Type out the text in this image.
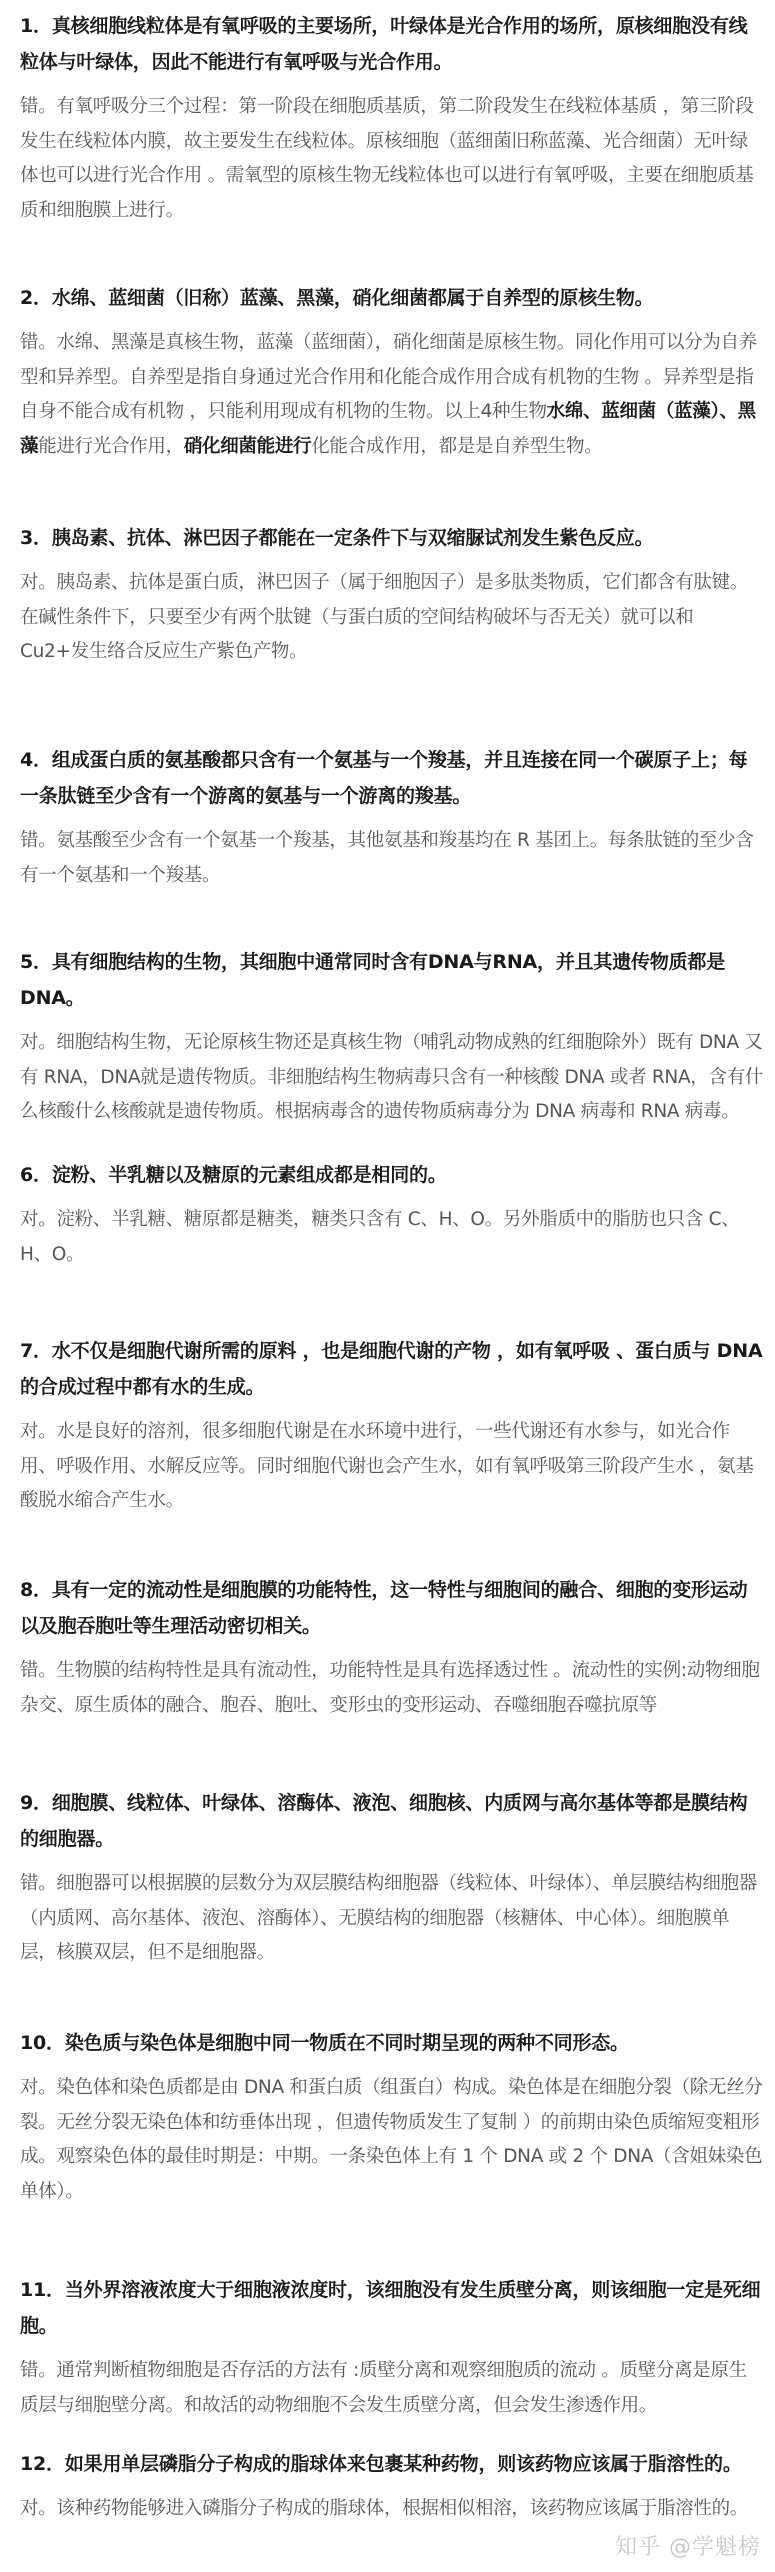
1．真核细胞线粒体是有氧呼吸的主要场所，叶绿体是光合作用的场所，原核细胞没有线粒体与叶绿体，因此不能进行有氧呼吸与光合作用。

错。有氧呼吸分三个过程：第一阶段在细胞质基质，第二阶段发生在线粒体基质 ，第三阶段发生在线粒体内膜，故主要发生在线粒体。原核细胞（蓝细菌旧称蓝藻、光合细菌）无叶绿体也可以进行光合作用 。需氧型的原核生物无线粒体也可以进行有氧呼吸，主要在细胞质基质和细胞膜上进行。

2．水绵、蓝细菌（旧称）蓝藻、黑藻，硝化细菌都属于自养型的原核生物。

错。水绵、黑藻是真核生物，蓝藻（蓝细菌），硝化细菌是原核生物。同化作用可以分为自养型和异养型。自养型是指自身通过光合作用和化能合成作用合成有机物的生物 。异养型是指自身不能合成有机物 ，只能利用现成有机物的生物。以上4种生物水绵、蓝细菌（蓝藻）、黑藻能进行光合作用，硝化细菌能进行化能合成作用，都是是自养型生物。

3．胰岛素、抗体、淋巴因子都能在一定条件下与双缩脲试剂发生紫色反应。

对。胰岛素、抗体是蛋白质，淋巴因子（属于细胞因子）是多肽类物质，它们都含有肽键。在碱性条件下，只要至少有两个肽键（与蛋白质的空间结构破坏与否无关）就可以和 Cu2+发生络合反应生产紫色产物。

4．组成蛋白质的氨基酸都只含有一个氨基与一个羧基，并且连接在同一个碳原子上；每一条肽链至少含有一个游离的氨基与一个游离的羧基。

错。氨基酸至少含有一个氨基一个羧基，其他氨基和羧基均在 R 基团上。每条肽链的至少含有一个氨基和一个羧基。

5．具有细胞结构的生物，其细胞中通常同时含有DNA与RNA，并且其遗传物质都是DNA。

对。细胞结构生物，无论原核生物还是真核生物（哺乳动物成熟的红细胞除外）既有 DNA 又有 RNA，DNA就是遗传物质。非细胞结构生物病毒只含有一种核酸 DNA 或者 RNA，含有什么核酸什么核酸就是遗传物质。根据病毒含的遗传物质病毒分为 DNA 病毒和 RNA 病毒。

6．淀粉、半乳糖以及糖原的元素组成都是相同的。

对。淀粉、半乳糖、糖原都是糖类，糖类只含有 C、H、O。另外脂质中的脂肪也只含 C、H、O。

7．水不仅是细胞代谢所需的原料 ，也是细胞代谢的产物 ，如有氧呼吸 、蛋白质与 DNA 的合成过程中都有水的生成。

对。水是良好的溶剂，很多细胞代谢是在水环境中进行，一些代谢还有水参与，如光合作用、呼吸作用、水解反应等。同时细胞代谢也会产生水，如有氧呼吸第三阶段产生水 ，氨基酸脱水缩合产生水。

8．具有一定的流动性是细胞膜的功能特性，这一特性与细胞间的融合、细胞的变形运动以及胞吞胞吐等生理活动密切相关。

错。生物膜的结构特性是具有流动性，功能特性是具有选择透过性 。流动性的实例:动物细胞杂交、原生质体的融合、胞吞、胞吐、变形虫的变形运动、吞噬细胞吞噬抗原等

9．细胞膜、线粒体、叶绿体、溶酶体、液泡、细胞核、内质网与高尔基体等都是膜结构的细胞器。

错。细胞器可以根据膜的层数分为双层膜结构细胞器（线粒体、叶绿体）、单层膜结构细胞器（内质网、高尔基体、液泡、溶酶体）、无膜结构的细胞器（核糖体、中心体）。细胞膜单层，核膜双层，但不是细胞器。

10．染色质与染色体是细胞中同一物质在不同时期呈现的两种不同形态。

对。染色体和染色质都是由 DNA 和蛋白质（组蛋白）构成。染色体是在细胞分裂（除无丝分裂。无丝分裂无染色体和纺垂体出现 ，但遗传物质发生了复制 ）的前期由染色质缩短变粗形成。观察染色体的最佳时期是：中期。一条染色体上有 1 个 DNA 或 2 个 DNA（含姐妹染色单体）。

11．当外界溶液浓度大于细胞液浓度时，该细胞没有发生质壁分离，则该细胞一定是死细胞。

错。通常判断植物细胞是否存活的方法有 :质壁分离和观察细胞质的流动 。质壁分离是原生质层与细胞壁分离。和故活的动物细胞不会发生质壁分离，但会发生渗透作用。

12．如果用单层磷脂分子构成的脂球体来包裹某种药物，则该药物应该属于脂溶性的。

对。该种药物能够进入磷脂分子构成的脂球体，根据相似相溶，该药物应该属于脂溶性的。

知乎 @学魁榜
